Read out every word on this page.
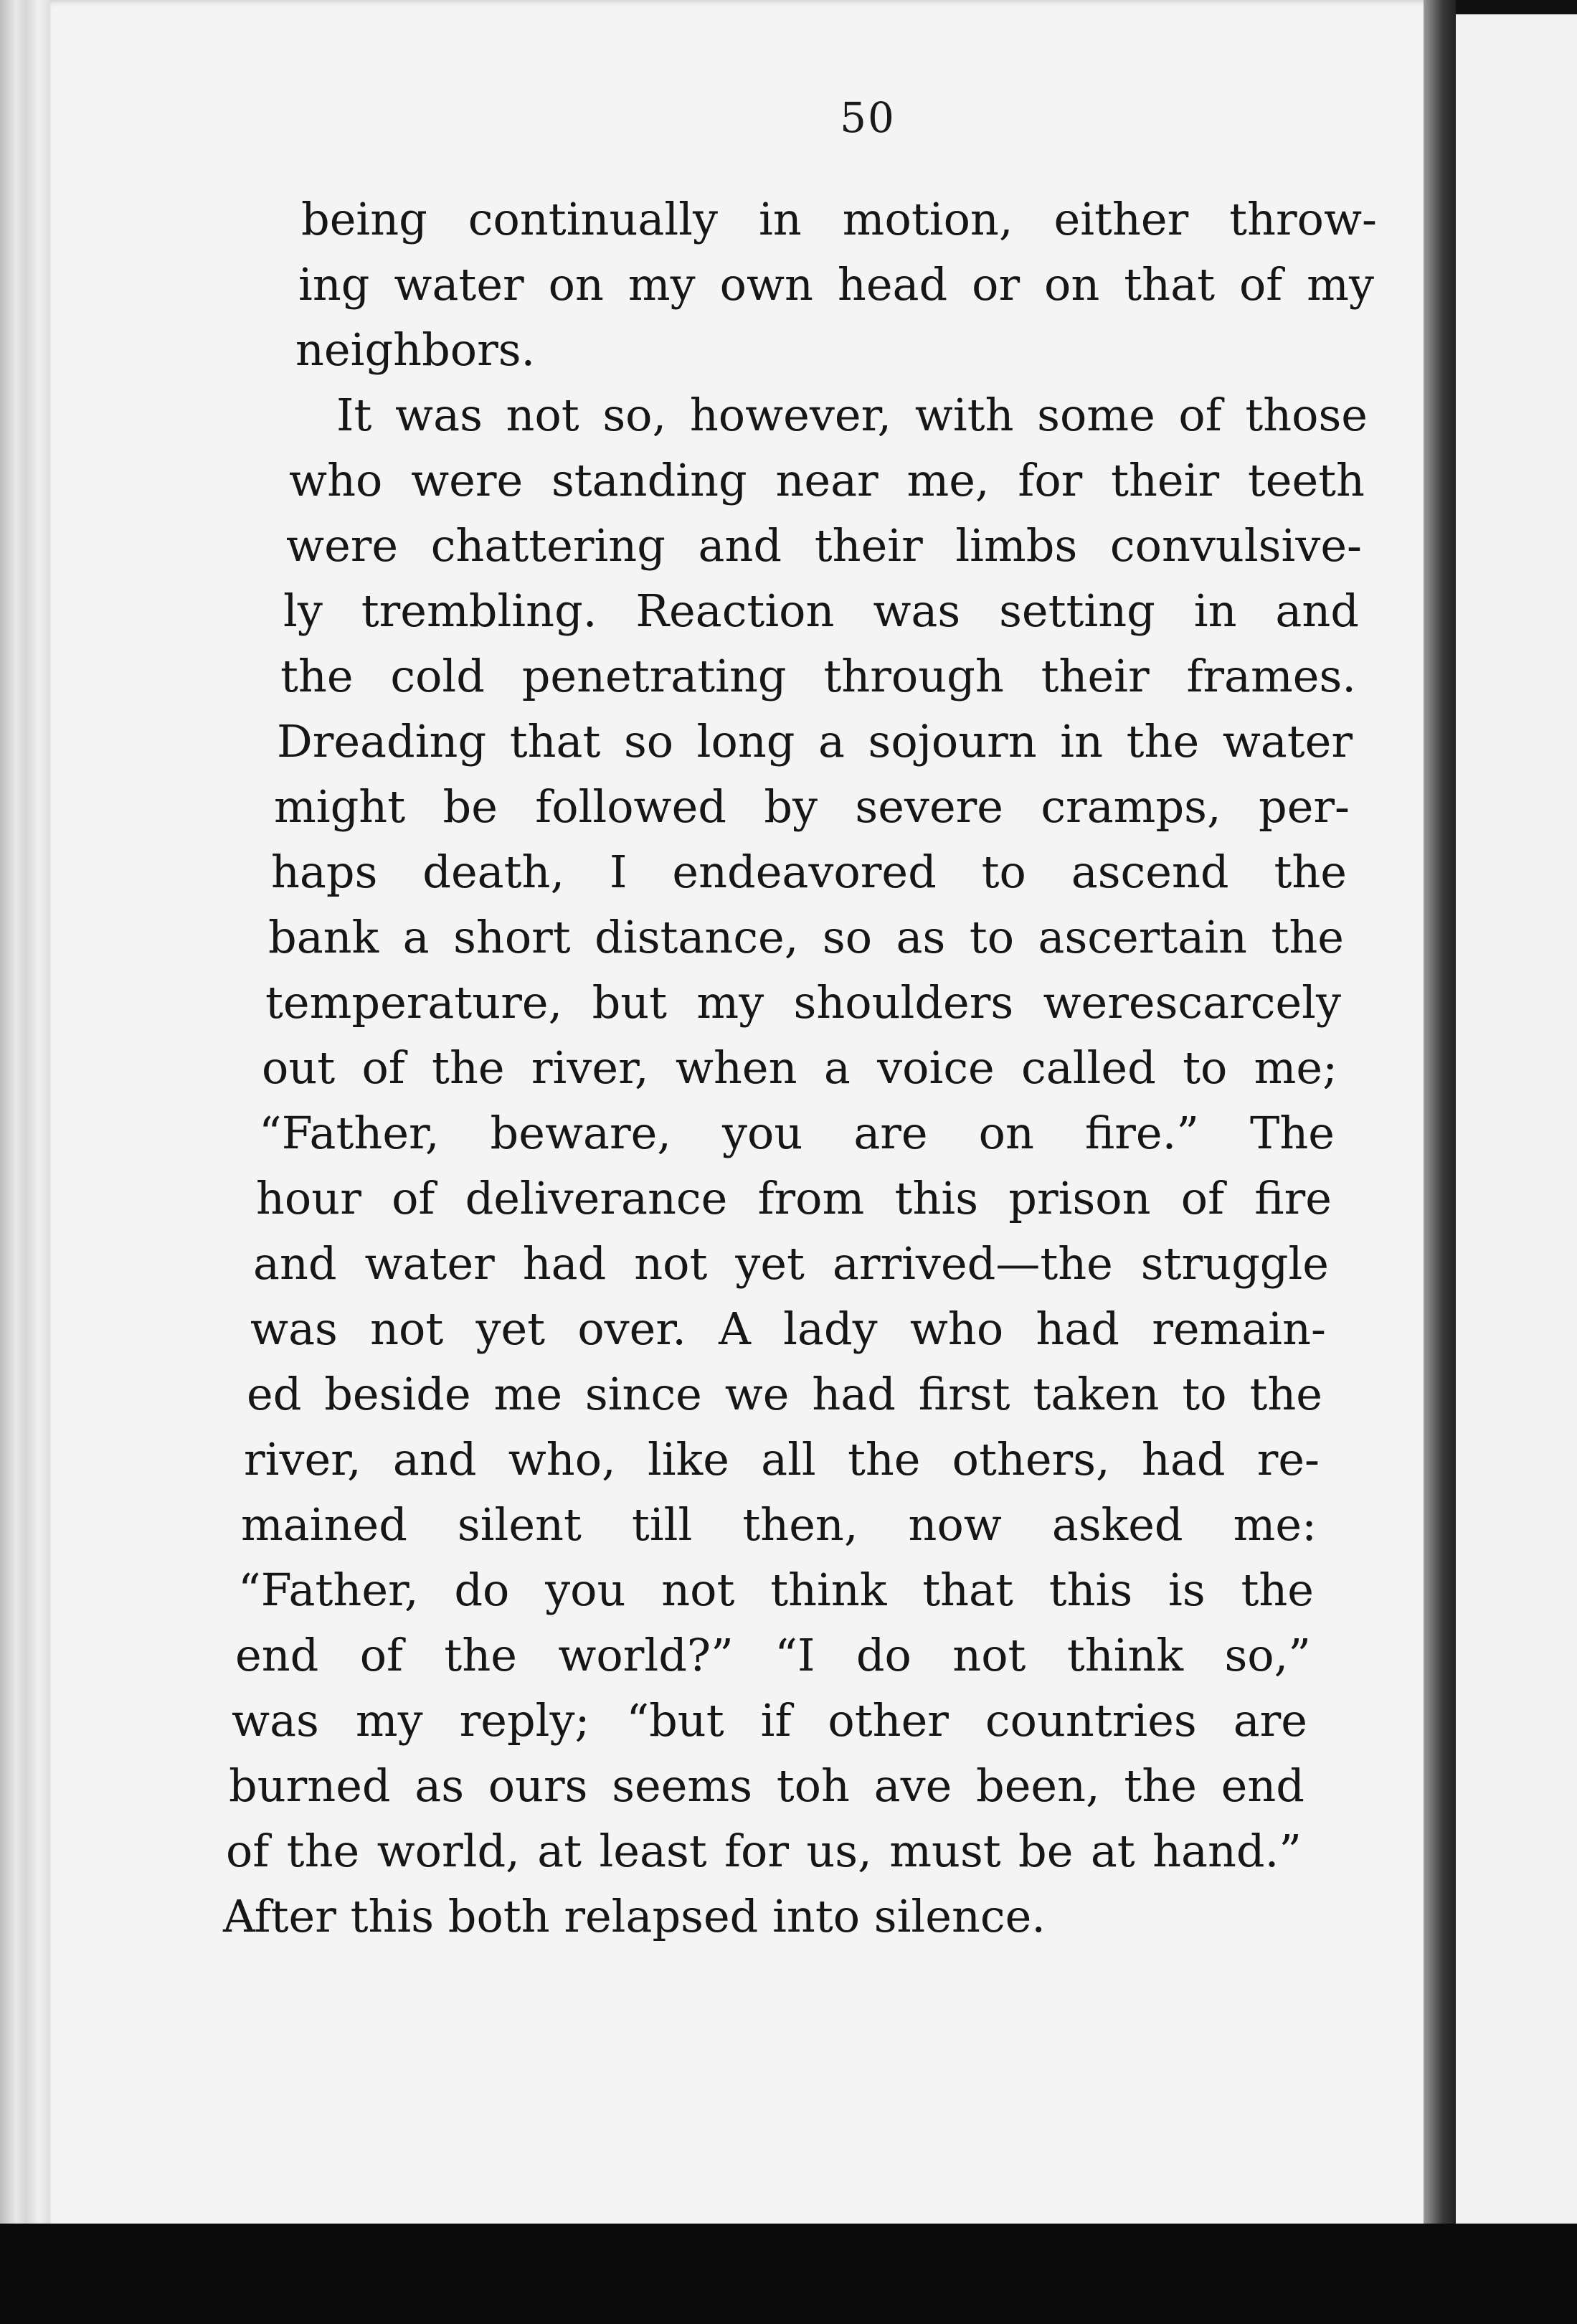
50
being continually in motion, either throw-
ing water on my own head or on that of my
neighbors.
It was not so, however, with some of those
who were standing near me, for their teeth
were chattering and their limbs convulsive-
ly trembling. Reaction was setting in and
the cold penetrating through their frames.
Dreading that so long a sojourn in the water
might be followed by severe cramps, per-
haps death, I endeavored to ascend the
bank a short distance, so as to ascertain the
temperature, but my shoulders werescarcely
out of the river, when a voice called to me;
“Father, beware, you are on fire.” The
hour of deliverance from this prison of fire
and water had not yet arrived—the struggle
was not yet over. A lady who had remain-
ed beside me since we had first taken to the
river, and who, like all the others, had re-
mained silent till then, now asked me:
“Father, do you not think that this is the
end of the world?” “I do not think so,”
was my reply; “but if other countries are
burned as ours seems toh ave been, the end
of the world, at least for us, must be at hand.”
After this both relapsed into silence.
